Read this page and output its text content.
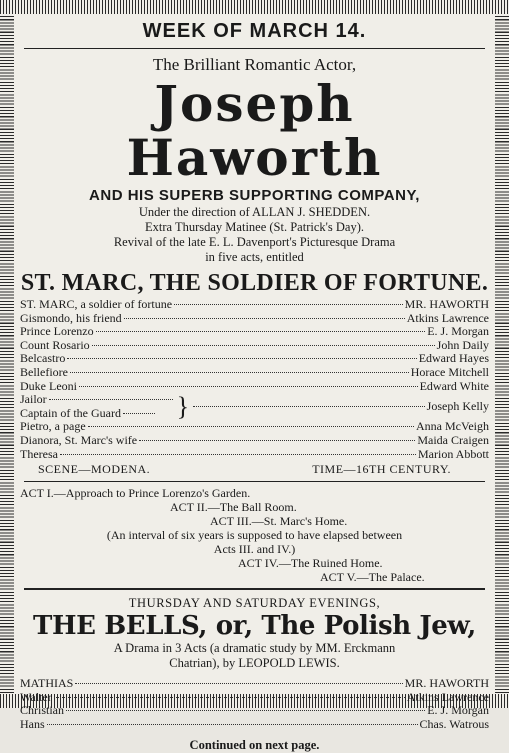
WEEK OF MARCH 14.
The Brilliant Romantic Actor,
Joseph Haworth
AND HIS SUPERB SUPPORTING COMPANY,
Under the direction of ALLAN J. SHEDDEN.
Extra Thursday Matinee (St. Patrick's Day).
Revival of the late E. L. Davenport's Picturesque Drama
in five acts, entitled
ST. MARC, THE SOLDIER OF FORTUNE.
ST. MARC, a soldier of fortune	MR. HAWORTH
Gismondo, his friend	Atkins Lawrence
Prince Lorenzo	E. J. Morgan
Count Rosario	John Daily
Belcastro	Edward Hayes
Bellefiore	Horace Mitchell
Duke Leoni	Edward White
Jailor
Captain of the Guard }	Joseph Kelly
Pietro, a page	Anna McVeigh
Dianora, St. Marc's wife	Maida Craigen
Theresa	Marion Abbott
SCENE—MODENA.	TIME—16TH CENTURY.
ACT I.—Approach to Prince Lorenzo's Garden.
ACT II.—The Ball Room.
ACT III.—St. Marc's Home.
(An interval of six years is supposed to have elapsed between
Acts III. and IV.)
ACT IV.—The Ruined Home.
ACT V.—The Palace.
THURSDAY AND SATURDAY EVENINGS,
THE BELLS, or, The Polish Jew,
A Drama in 3 Acts (a dramatic study by MM. Erckmann
Chatrian), by LEOPOLD LEWIS.
MATHIAS	MR. HAWORTH
Walter	Atkins Lawrence
Christian	E. J. Morgan
Hans	Chas. Watrous
Continued on next page.
